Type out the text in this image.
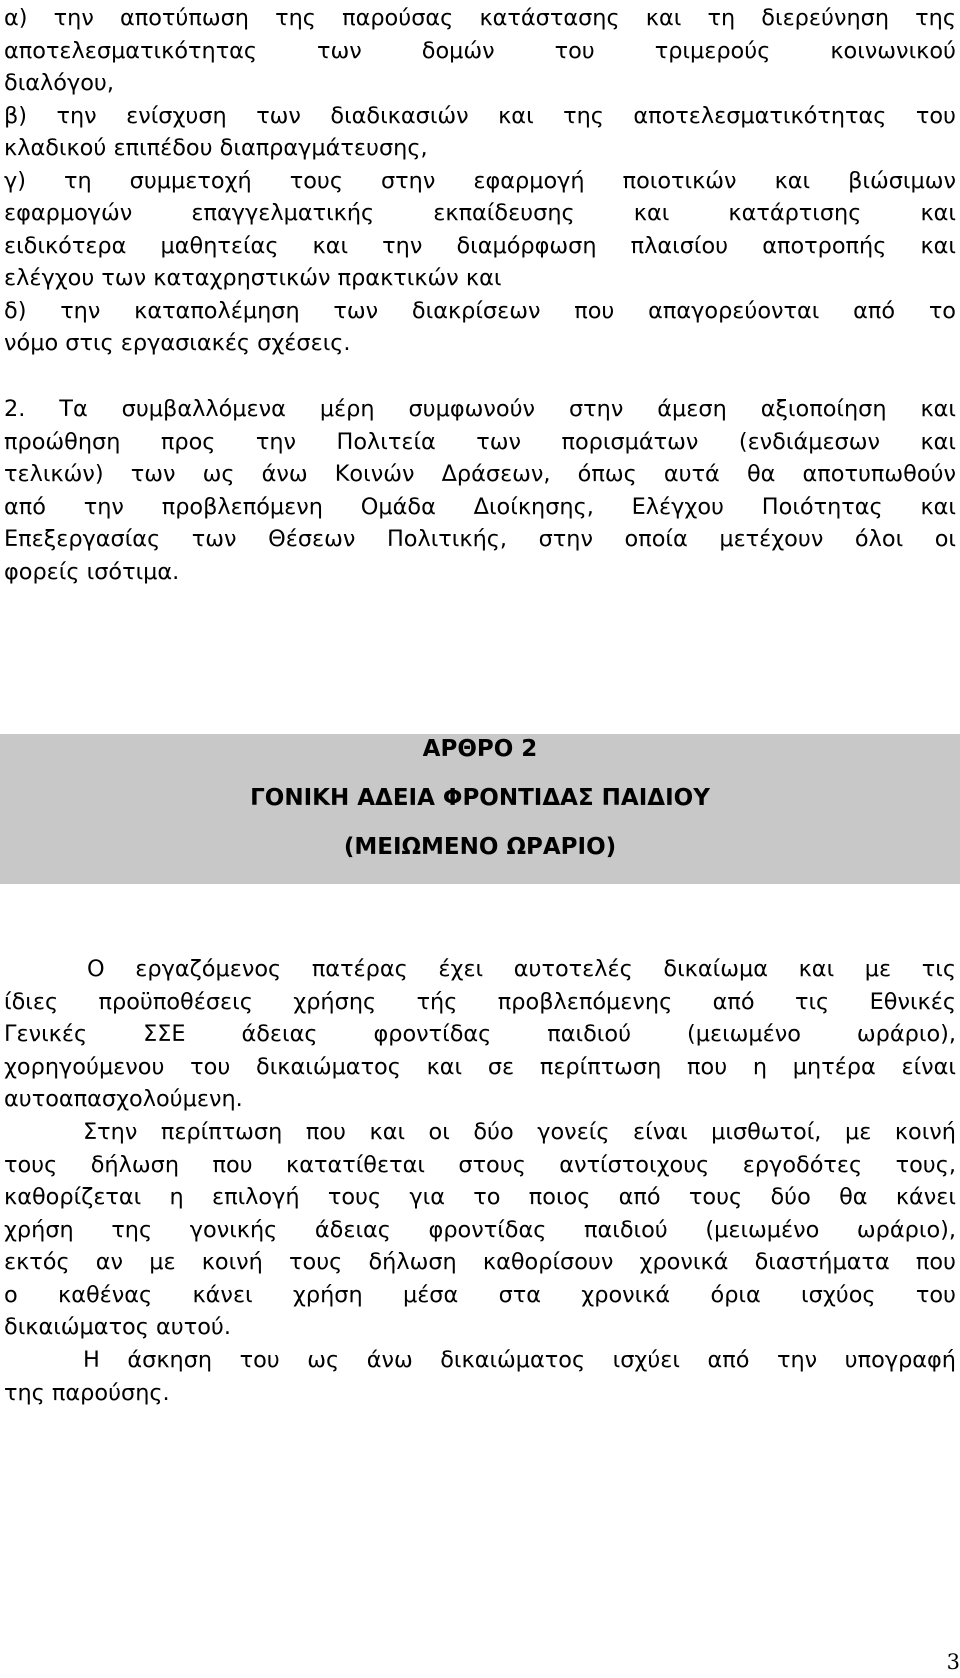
α) την αποτύπωση της παρούσας κατάστασης και τη διερεύνηση της
αποτελεσματικότητας των δομών του τριμερούς κοινωνικού
διαλόγου,
β) την ενίσχυση των διαδικασιών και της αποτελεσματικότητας του
κλαδικού επιπέδου διαπραγμάτευσης,
γ) τη συμμετοχή τους στην εφαρμογή ποιοτικών και βιώσιμων
εφαρμογών επαγγελματικής εκπαίδευσης και κατάρτισης και
ειδικότερα μαθητείας και την διαμόρφωση πλαισίου αποτροπής και
ελέγχου των καταχρηστικών πρακτικών και
δ) την καταπολέμηση των διακρίσεων που απαγορεύονται από το
νόμο στις εργασιακές σχέσεις.
2. Τα συμβαλλόμενα μέρη συμφωνούν στην άμεση αξιοποίηση και
προώθηση προς την Πολιτεία των πορισμάτων (ενδιάμεσων και
τελικών) των ως άνω Κοινών Δράσεων, όπως αυτά θα αποτυπωθούν
από την προβλεπόμενη Ομάδα Διοίκησης, Ελέγχου Ποιότητας και
Επεξεργασίας των Θέσεων Πολιτικής, στην οποία μετέχουν όλοι οι
φορείς ισότιμα.
ΑΡΘΡΟ 2
ΓΟΝΙΚΗ ΑΔΕΙΑ ΦΡΟΝΤΙΔΑΣ ΠΑΙΔΙΟΥ
(ΜΕΙΩΜΕΝΟ ΩΡΑΡΙΟ)
Ο εργαζόμενος πατέρας έχει αυτοτελές δικαίωμα και με τις
ίδιες προϋποθέσεις χρήσης τής προβλεπόμενης από τις Εθνικές
Γενικές ΣΣΕ άδειας φροντίδας παιδιού (μειωμένο ωράριο),
χορηγούμενου του δικαιώματος και σε περίπτωση που η μητέρα είναι
αυτοαπασχολούμενη.
Στην περίπτωση που και οι δύο γονείς είναι μισθωτοί, με κοινή
τους δήλωση που κατατίθεται στους αντίστοιχους εργοδότες τους,
καθορίζεται η επιλογή τους για το ποιος από τους δύο θα κάνει
χρήση της γονικής άδειας φροντίδας παιδιού (μειωμένο ωράριο),
εκτός αν με κοινή τους δήλωση καθορίσουν χρονικά διαστήματα που
ο καθένας κάνει χρήση μέσα στα χρονικά όρια ισχύος του
δικαιώματος αυτού.
Η άσκηση του ως άνω δικαιώματος ισχύει από την υπογραφή
της παρούσης.
3
